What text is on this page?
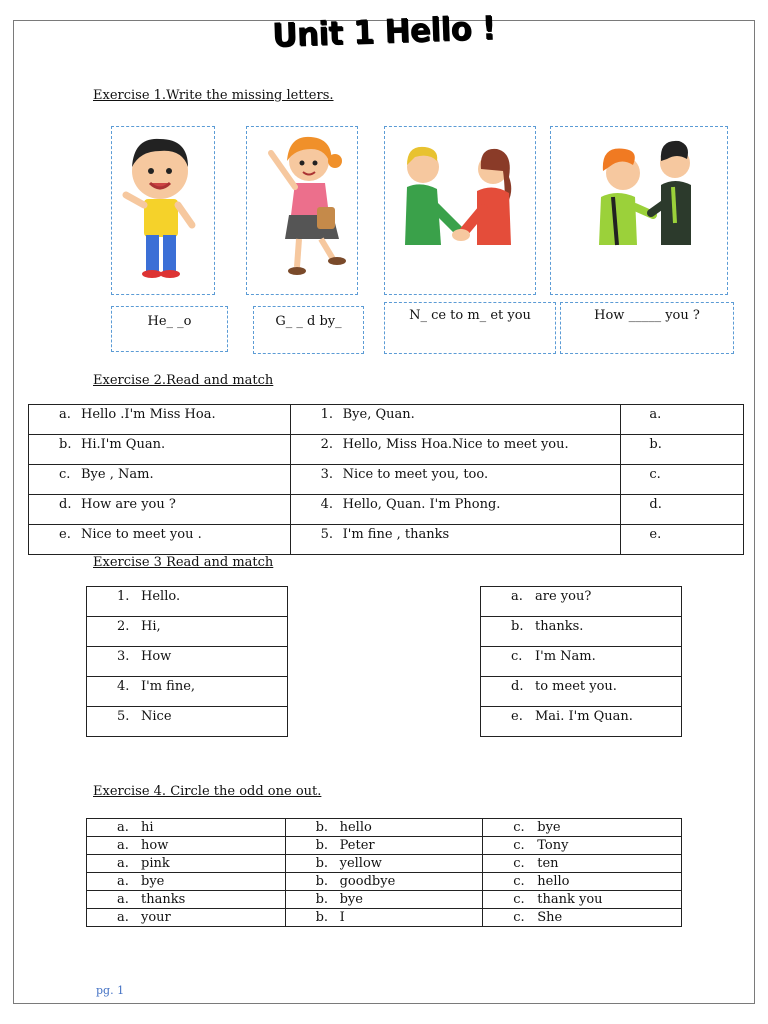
Unit 1 Hello !
Exercise 1.Write the missing letters.
He_ _o	G_ _ d by_	N_ ce to m_ et you	How _____ you ?
Exercise 2.Read and match
a. Hello .I'm Miss Hoa.	1. Bye, Quan.	a.
b. Hi.I'm Quan.	2. Hello, Miss Hoa.Nice to meet you.	b.
c. Bye , Nam.	3. Nice to meet you, too.	c.
d. How are you ?	4. Hello, Quan. I'm Phong.	d.
e. Nice to meet you .	5. I'm fine , thanks	e.
Exercise 3 Read and match
1. Hello.
2. Hi,
3. How
4. I'm fine,
5. Nice
a. are you?
b. thanks.
c. I'm Nam.
d. to meet you.
e. Mai. I'm Quan.
Exercise 4. Circle the odd one out.
a. hi	b. hello	c. bye
a. how	b. Peter	c. Tony
a. pink	b. yellow	c. ten
a. bye	b. goodbye	c. hello
a. thanks	b. bye	c. thank you
a. your	b. I	c. She
pg. 1
